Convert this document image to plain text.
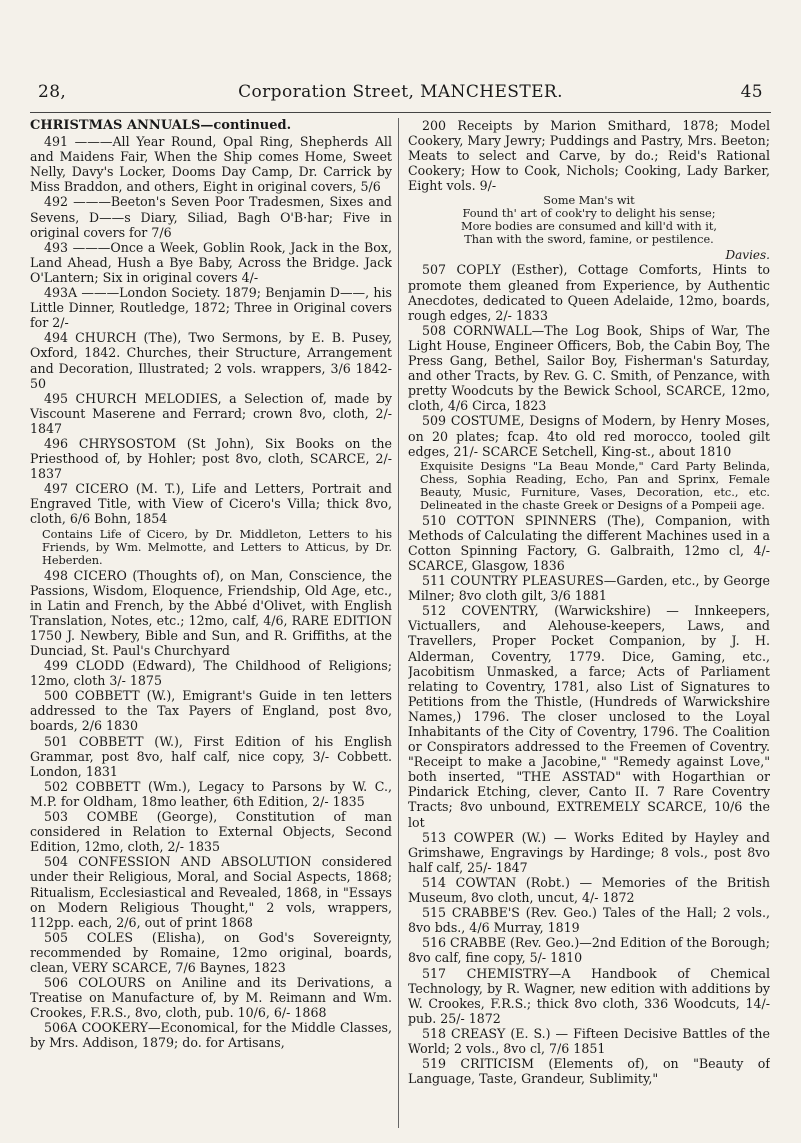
28,	Corporation Street, MANCHESTER.	45

CHRISTMAS ANNUALS—continued.

491 ———All Year Round, Opal Ring, Shepherds All and Maidens Fair, When the Ship comes Home, Sweet Nelly, Davy's Locker, Dooms Day Camp, Dr. Carrick by Miss Braddon, and others, Eight in original covers, 5/6

492 ———Beeton's Seven Poor Tradesmen, Sixes and Sevens, D——s Diary, Siliad, Bagh O'B·har; Five in original covers for 7/6

493 ———Once a Week, Goblin Rook, Jack in the Box, Land Ahead, Hush a Bye Baby, Across the Bridge. Jack O'Lantern; Six in original covers 4/-

493A ———London Society. 1879; Benjamin D——, his Little Dinner, Routledge, 1872; Three in Original covers for 2/-

494 CHURCH (The), Two Sermons, by E. B. Pusey, Oxford, 1842. Churches, their Structure, Arrangement and Decoration, Illustrated; 2 vols. wrappers, 3/6 1842-50

495 CHURCH MELODIES, a Selection of, made by Viscount Maserene and Ferrard; crown 8vo, cloth, 2/- 1847

496 CHRYSOSTOM (St John), Six Books on the Priesthood of, by Hohler; post 8vo, cloth, SCARCE, 2/- 1837

497 CICERO (M. T.), Life and Letters, Portrait and Engraved Title, with View of Cicero's Villa; thick 8vo, cloth, 6/6 Bohn, 1854

Contains Life of Cicero, by Dr. Middleton, Letters to his Friends, by Wm. Melmotte, and Letters to Atticus, by Dr. Heberden.

498 CICERO (Thoughts of), on Man, Conscience, the Passions, Wisdom, Eloquence, Friendship, Old Age, etc., in Latin and French, by the Abbé d'Olivet, with English Translation, Notes, etc.; 12mo, calf, 4/6, RARE EDITION 1750 J. Newbery, Bible and Sun, and R. Griffiths, at the Dunciad, St. Paul's Churchyard

499 CLODD (Edward), The Childhood of Religions; 12mo, cloth 3/- 1875

500 COBBETT (W.), Emigrant's Guide in ten letters addressed to the Tax Payers of England, post 8vo, boards, 2/6 1830

501 COBBETT (W.), First Edition of his English Grammar, post 8vo, half calf, nice copy, 3/- Cobbett. London, 1831

502 COBBETT (Wm.), Legacy to Parsons by W. C., M.P. for Oldham, 18mo leather, 6th Edition, 2/- 1835

503 COMBE (George), Constitution of man considered in Relation to External Objects, Second Edition, 12mo, cloth, 2/- 1835

504 CONFESSION AND ABSOLUTION considered under their Religious, Moral, and Social Aspects, 1868; Ritualism, Ecclesiastical and Revealed, 1868, in "Essays on Modern Religious Thought," 2 vols, wrappers, 112pp. each, 2/6, out of print 1868

505 COLES (Elisha), on God's Sovereignty, recommended by Romaine, 12mo original, boards, clean, VERY SCARCE, 7/6 Baynes, 1823

506 COLOURS on Aniline and its Derivations, a Treatise on Manufacture of, by M. Reimann and Wm. Crookes, F.R.S., 8vo, cloth, pub. 10/6, 6/- 1868

506A COOKERY—Economical, for the Middle Classes, by Mrs. Addison, 1879; do. for Artisans,

200 Receipts by Marion Smithard, 1878; Model Cookery, Mary Jewry; Puddings and Pastry, Mrs. Beeton; Meats to select and Carve, by do.; Reid's Rational Cookery; How to Cook, Nichols; Cooking, Lady Barker, Eight vols. 9/-

Some Man's wit
Found th' art of cook'ry to delight his sense;
More bodies are consumed and kill'd with it,
Than with the sword, famine, or pestilence.
Davies.

507 COPLY (Esther), Cottage Comforts, Hints to promote them gleaned from Experience, by Authentic Anecdotes, dedicated to Queen Adelaide, 12mo, boards, rough edges, 2/- 1833

508 CORNWALL—The Log Book, Ships of War, The Light House, Engineer Officers, Bob, the Cabin Boy, The Press Gang, Bethel, Sailor Boy, Fisherman's Saturday, and other Tracts, by Rev. G. C. Smith, of Penzance, with pretty Woodcuts by the Bewick School, SCARCE, 12mo, cloth, 4/6 Circa, 1823

509 COSTUME, Designs of Modern, by Henry Moses, on 20 plates; fcap. 4to old red morocco, tooled gilt edges, 21/- SCARCE Setchell, King-st., about 1810

Exquisite Designs "La Beau Monde," Card Party Belinda, Chess, Sophia Reading, Echo, Pan and Sprinx, Female Beauty, Music, Furniture, Vases, Decoration, etc., etc. Delineated in the chaste Greek or Designs of a Pompeii age.

510 COTTON SPINNERS (The), Companion, with Methods of Calculating the different Machines used in a Cotton Spinning Factory, G. Galbraith, 12mo cl, 4/- SCARCE, Glasgow, 1836

511 COUNTRY PLEASURES—Garden, etc., by George Milner; 8vo cloth gilt, 3/6 1881

512 COVENTRY, (Warwickshire) — Innkeepers, Victuallers, and Alehouse-keepers, Laws, and Travellers, Proper Pocket Companion, by J. H. Alderman, Coventry, 1779. Dice, Gaming, etc., Jacobitism Unmasked, a farce; Acts of Parliament relating to Coventry, 1781, also List of Signatures to Petitions from the Thistle, (Hundreds of Warwickshire Names,) 1796. The closer unclosed to the Loyal Inhabitants of the City of Coventry, 1796. The Coalition or Conspirators addressed to the Freemen of Coventry. "Receipt to make a Jacobine," "Remedy against Love," both inserted, "THE ASSTAD" with Hogarthian or Pindarick Etching, clever, Canto II. 7 Rare Coventry Tracts; 8vo unbound, EXTREMELY SCARCE, 10/6 the lot

513 COWPER (W.) — Works Edited by Hayley and Grimshawe, Engravings by Hardinge; 8 vols., post 8vo half calf, 25/- 1847

514 COWTAN (Robt.) — Memories of the British Museum, 8vo cloth, uncut, 4/- 1872

515 CRABBE'S (Rev. Geo.) Tales of the Hall; 2 vols., 8vo bds., 4/6 Murray, 1819

516 CRABBE (Rev. Geo.)—2nd Edition of the Borough; 8vo calf, fine copy, 5/- 1810

517 CHEMISTRY—A Handbook of Chemical Technology, by R. Wagner, new edition with additions by W. Crookes, F.R.S.; thick 8vo cloth, 336 Woodcuts, 14/- pub. 25/- 1872

518 CREASY (E. S.) — Fifteen Decisive Battles of the World; 2 vols., 8vo cl, 7/6 1851

519 CRITICISM (Elements of), on "Beauty of Language, Taste, Grandeur, Sublimity,"
